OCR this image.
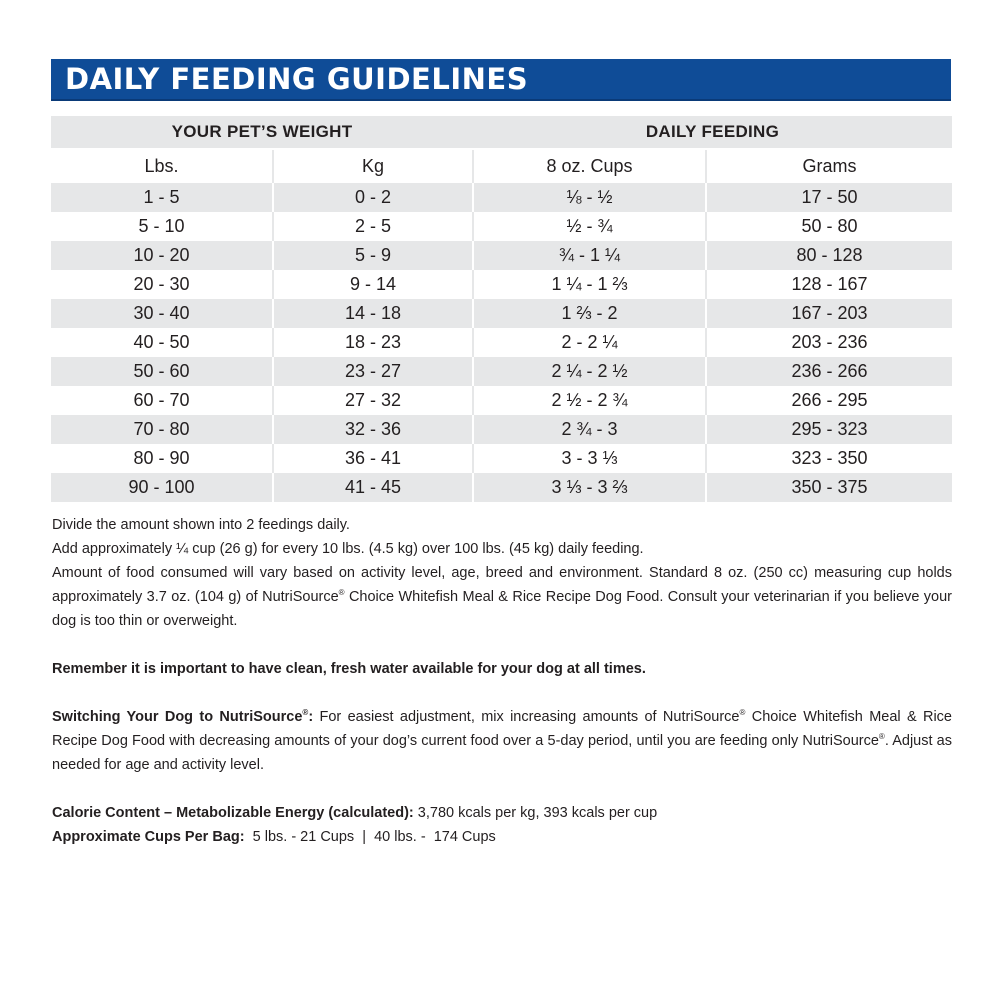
DAILY FEEDING GUIDELINES
YOUR PET’S WEIGHT		DAILY FEEDING	
Lbs.	Kg	8 oz. Cups	Grams
1 - 5	0 - 2	⅛ - ½	17 - 50
5 - 10	2 - 5	½ - ¾	50 - 80
10 - 20	5 - 9	¾ - 1 ¼	80 - 128
20 - 30	9 - 14	1 ¼ - 1 ⅔	128 - 167
30 - 40	14 - 18	1 ⅔ - 2	167 - 203
40 - 50	18 - 23	2 - 2 ¼	203 - 236
50 - 60	23 - 27	2 ¼ - 2 ½	236 - 266
60 - 70	27 - 32	2 ½ - 2 ¾	266 - 295
70 - 80	32 - 36	2 ¾ - 3	295 - 323
80 - 90	36 - 41	3 - 3 ⅓	323 - 350
90 - 100	41 - 45	3 ⅓ - 3 ⅔	350 - 375

Divide the amount shown into 2 feedings daily.

Add approximately ¼ cup (26 g) for every 10 lbs. (4.5 kg) over 100 lbs. (45 kg) daily feeding.

Amount of food consumed will vary based on activity level, age, breed and environment. Standard 8 oz. (250 cc) measuring cup holds approximately 3.7 oz. (104 g) of NutriSource® Choice Whitefish Meal & Rice Recipe Dog Food. Consult your veterinarian if you believe your dog is too thin or overweight.

Remember it is important to have clean, fresh water available for your dog at all times.

Switching Your Dog to NutriSource®: For easiest adjustment, mix increasing amounts of NutriSource® Choice Whitefish Meal & Rice Recipe Dog Food with decreasing amounts of your dog’s current food over a 5-day period, until you are feeding only NutriSource®. Adjust as needed for age and activity level.

Calorie Content – Metabolizable Energy (calculated): 3,780 kcals per kg, 393 kcals per cup

Approximate Cups Per Bag:  5 lbs. - 21 Cups  |  40 lbs. -  174 Cups
